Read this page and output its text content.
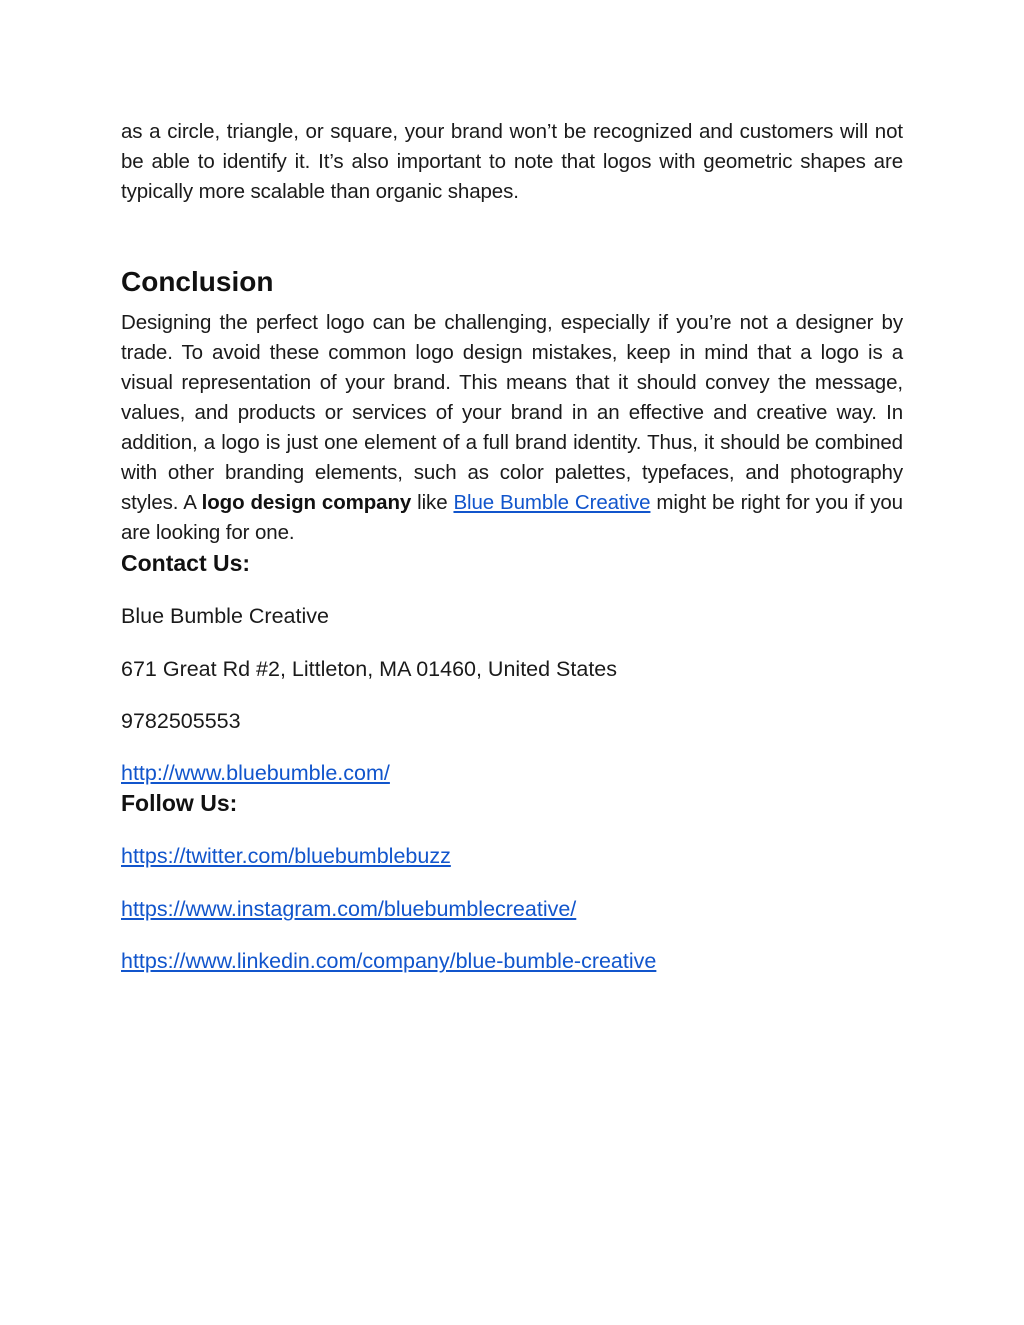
as a circle, triangle, or square, your brand won’t be recognized and customers will not be able to identify it. It’s also important to note that logos with geometric shapes are typically more scalable than organic shapes.

Conclusion

Designing the perfect logo can be challenging, especially if you’re not a designer by trade. To avoid these common logo design mistakes, keep in mind that a logo is a visual representation of your brand. This means that it should convey the message, values, and products or services of your brand in an effective and creative way. In addition, a logo is just one element of a full brand identity. Thus, it should be combined with other branding elements, such as color palettes, typefaces, and photography styles. A logo design company like Blue Bumble Creative might be right for you if you are looking for one.

Contact Us:

Blue Bumble Creative

671 Great Rd #2, Littleton, MA 01460, United States

9782505553

http://www.bluebumble.com/

Follow Us:

https://twitter.com/bluebumblebuzz

https://www.instagram.com/bluebumblecreative/

https://www.linkedin.com/company/blue-bumble-creative
